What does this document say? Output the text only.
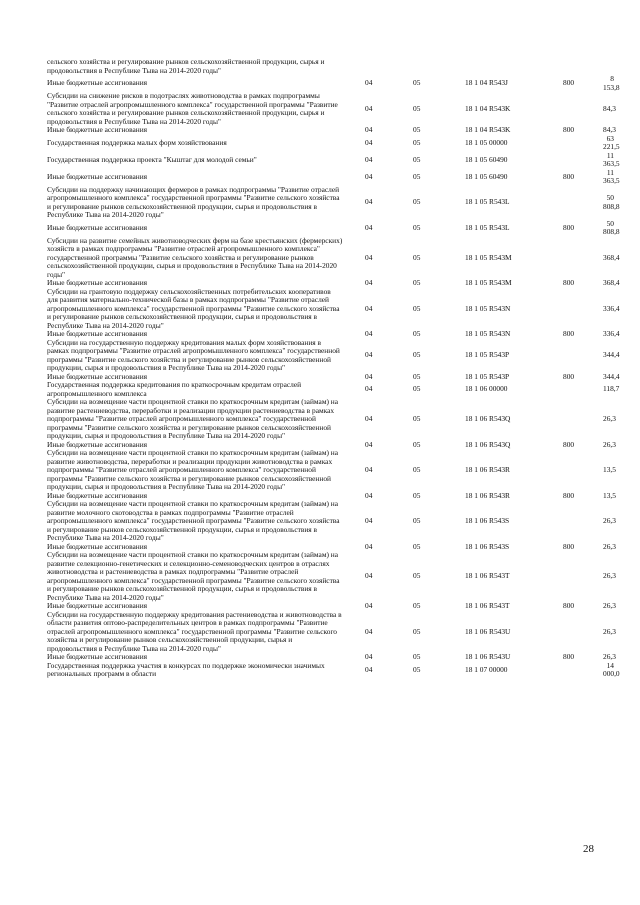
сельского хозяйства и регулирование рынков сельскохозяйственной продукции, сырья и продовольствия в Республике Тыва на 2014-2020 годы"					
Иные бюджетные ассигнования	04	05	18 1 04 R543J	800	8 153,8
Субсидии на снижение рисков в подотраслях животноводства в рамках подпрограммы "Развитие отраслей агропромышленного комплекса" государственной программы "Развитие сельского хозяйства и регулирование рынков сельскохозяйственной продукции, сырья и продовольствия в Республике Тыва на 2014-2020 годы"	04	05	18 1 04 R543K		84,3
Иные бюджетные ассигнования	04	05	18 1 04 R543K	800	84,3
Государственная поддержка малых форм хозяйствования	04	05	18 1 05 00000		63 221,5
Государственная поддержка проекта "Кыштаг для молодой семьи"	04	05	18 1 05 60490		11 363,5
Иные бюджетные ассигнования	04	05	18 1 05 60490	800	11 363,5
Субсидии на поддержку начинающих фермеров в рамках подпрограммы "Развитие отраслей агропромышленного комплекса" государственной программы "Развитие сельского хозяйства и регулирование рынков сельскохозяйственной продукции, сырья и продовольствия в Республике Тыва на 2014-2020 годы"	04	05	18 1 05 R543L		50 808,8
Иные бюджетные ассигнования	04	05	18 1 05 R543L	800	50 808,8
Субсидии на развитие семейных животноводческих ферм на базе крестьянских (фермерских) хозяйств в рамках подпрограммы "Развитие отраслей агропромышленного комплекса" государственной программы "Развитие сельского хозяйства и регулирование рынков сельскохозяйственной продукции, сырья и продовольствия в Республике Тыва на 2014-2020 годы"	04	05	18 1 05 R543M		368,4
Иные бюджетные ассигнования	04	05	18 1 05 R543M	800	368,4
Субсидии на грантовую поддержку сельскохозяйственных потребительских кооперативов для развития материально-технической базы в рамках подпрограммы "Развитие отраслей агропромышленного комплекса" государственной программы "Развитие сельского хозяйства и регулирование рынков сельскохозяйственной продукции, сырья и продовольствия в Республике Тыва на 2014-2020 годы"	04	05	18 1 05 R543N		336,4
Иные бюджетные ассигнования	04	05	18 1 05 R543N	800	336,4
Субсидии на государственную поддержку кредитования малых форм хозяйствования в рамках подпрограммы "Развитие отраслей агропромышленного комплекса" государственной программы "Развитие сельского хозяйства и регулирование рынков сельскохозяйственной продукции, сырья и продовольствия в Республике Тыва на 2014-2020 годы"	04	05	18 1 05 R543P		344,4
Иные бюджетные ассигнования	04	05	18 1 05 R543P	800	344,4
Государственная поддержка кредитования по краткосрочным кредитам отраслей агропромышленного комплекса	04	05	18 1 06 00000		118,7
Субсидии на возмещение части процентной ставки по краткосрочным кредитам (займам) на развитие растениеводства, переработки и реализации продукции растениеводства в рамках подпрограммы "Развитие отраслей агропромышленного комплекса" государственной программы "Развитие сельского хозяйства и регулирование рынков сельскохозяйственной продукции, сырья и продовольствия в Республике Тыва на 2014-2020 годы"	04	05	18 1 06 R543Q		26,3
Иные бюджетные ассигнования	04	05	18 1 06 R543Q	800	26,3
Субсидии на возмещение части процентной ставки по краткосрочным кредитам (займам) на развитие животноводства, переработки и реализации продукции животноводства в рамках подпрограммы "Развитие отраслей агропромышленного комплекса" государственной программы "Развитие сельского хозяйства и регулирование рынков сельскохозяйственной продукции, сырья и продовольствия в Республике Тыва на 2014-2020 годы"	04	05	18 1 06 R543R		13,5
Иные бюджетные ассигнования	04	05	18 1 06 R543R	800	13,5
Субсидии на возмещение части процентной ставки по краткосрочным кредитам (займам) на развитие молочного скотоводства в рамках подпрограммы "Развитие отраслей агропромышленного комплекса" государственной программы "Развитие сельского хозяйства и регулирование рынков сельскохозяйственной продукции, сырья и продовольствия в Республике Тыва на 2014-2020 годы"	04	05	18 1 06 R543S		26,3
Иные бюджетные ассигнования	04	05	18 1 06 R543S	800	26,3
Субсидии на возмещение части процентной ставки по краткосрочным кредитам (займам) на развитие селекционно-генетических и селекционно-семеноводческих центров в отраслях животноводства и растениеводства в рамках подпрограммы "Развитие отраслей агропромышленного комплекса" государственной программы "Развитие сельского хозяйства и регулирование рынков сельскохозяйственной продукции, сырья и продовольствия в Республике Тыва на 2014-2020 годы"	04	05	18 1 06 R543T		26,3
Иные бюджетные ассигнования	04	05	18 1 06 R543T	800	26,3
Субсидии на государственную поддержку кредитования растениеводства и животноводства в области развития оптово-распределительных центров в рамках подпрограммы "Развитие отраслей агропромышленного комплекса" государственной программы "Развитие сельского хозяйства и регулирование рынков сельскохозяйственной продукции, сырья и продовольствия в Республике Тыва на 2014-2020 годы"	04	05	18 1 06 R543U		26,3
Иные бюджетные ассигнования	04	05	18 1 06 R543U	800	26,3
Государственная поддержка участия в конкурсах по поддержке экономически значимых региональных программ в области	04	05	18 1 07 00000		14 000,0
28
